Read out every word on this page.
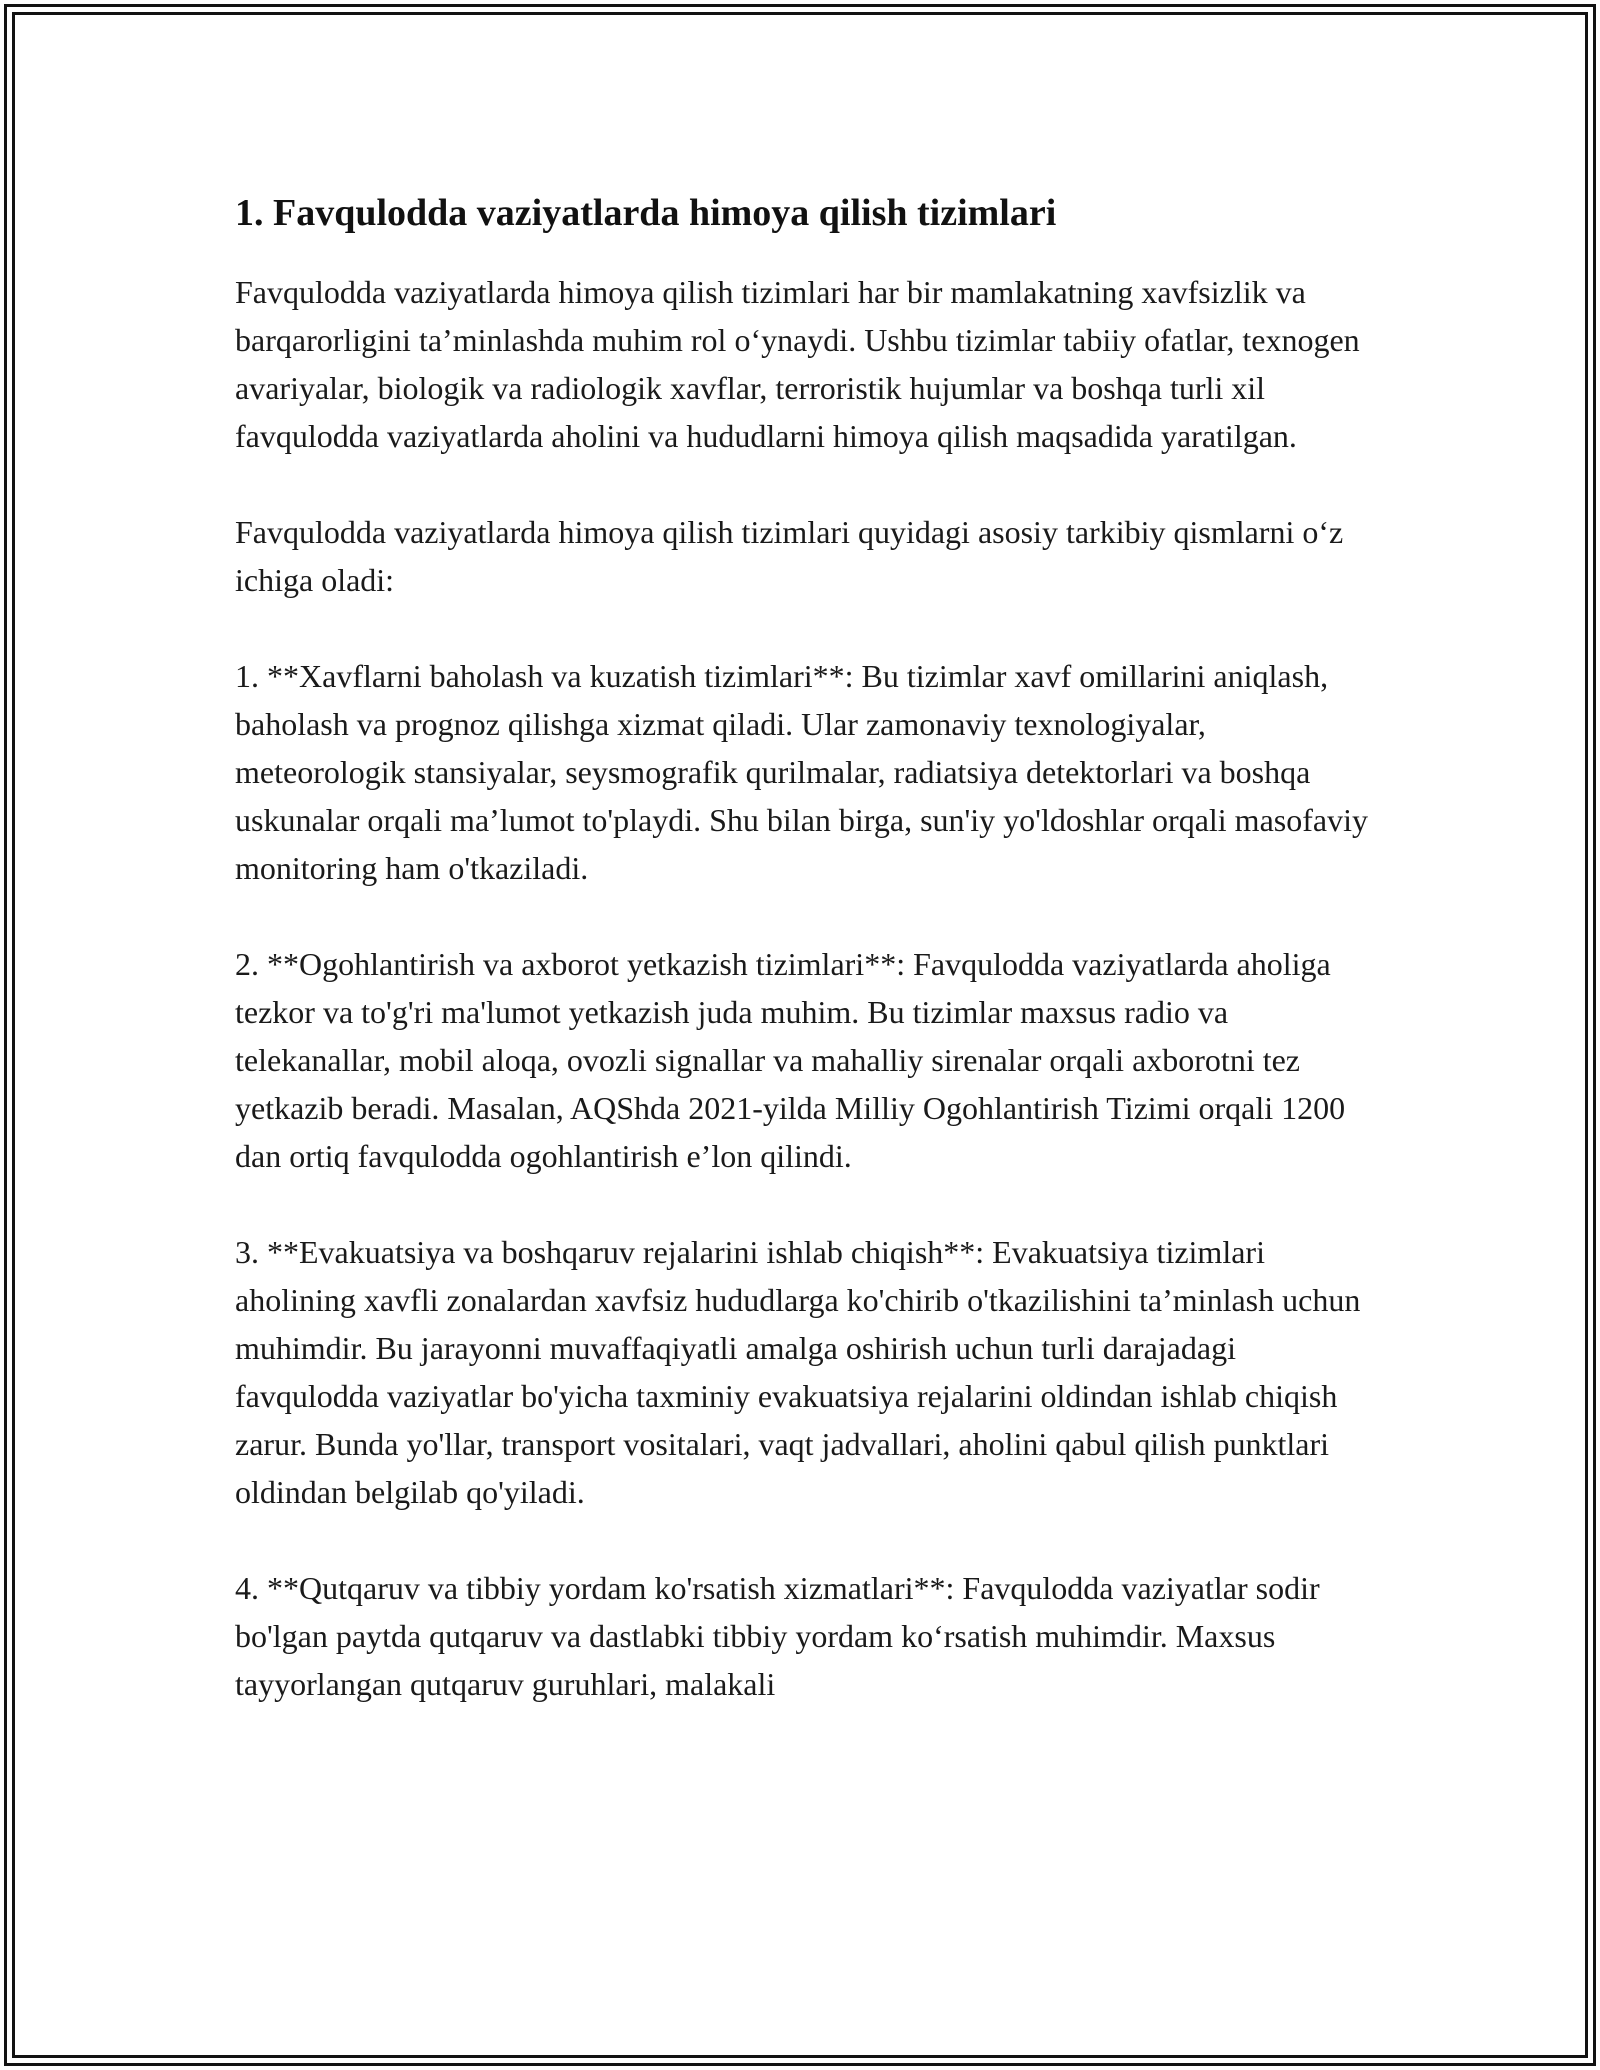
1. Favqulodda vaziyatlarda himoya qilish tizimlari

Favqulodda vaziyatlarda himoya qilish tizimlari har bir mamlakatning xavfsizlik va barqarorligini ta’minlashda muhim rol o‘ynaydi. Ushbu tizimlar tabiiy ofatlar, texnogen avariyalar, biologik va radiologik xavflar, terroristik hujumlar va boshqa turli xil favqulodda vaziyatlarda aholini va hududlarni himoya qilish maqsadida yaratilgan.

Favqulodda vaziyatlarda himoya qilish tizimlari quyidagi asosiy tarkibiy qismlarni o‘z ichiga oladi:

1. **Xavflarni baholash va kuzatish tizimlari**: Bu tizimlar xavf omillarini aniqlash, baholash va prognoz qilishga xizmat qiladi. Ular zamonaviy texnologiyalar, meteorologik stansiyalar, seysmografik qurilmalar, radiatsiya detektorlari va boshqa uskunalar orqali ma’lumot to'playdi. Shu bilan birga, sun'iy yo'ldoshlar orqali masofaviy monitoring ham o'tkaziladi.

2. **Ogohlantirish va axborot yetkazish tizimlari**: Favqulodda vaziyatlarda aholiga tezkor va to'g'ri ma'lumot yetkazish juda muhim. Bu tizimlar maxsus radio va telekanallar, mobil aloqa, ovozli signallar va mahalliy sirenalar orqali axborotni tez yetkazib beradi. Masalan, AQShda 2021-yilda Milliy Ogohlantirish Tizimi orqali 1200 dan ortiq favqulodda ogohlantirish e’lon qilindi.

3. **Evakuatsiya va boshqaruv rejalarini ishlab chiqish**: Evakuatsiya tizimlari aholining xavfli zonalardan xavfsiz hududlarga ko'chirib o'tkazilishini ta’minlash uchun muhimdir. Bu jarayonni muvaffaqiyatli amalga oshirish uchun turli darajadagi favqulodda vaziyatlar bo'yicha taxminiy evakuatsiya rejalarini oldindan ishlab chiqish zarur. Bunda yo'llar, transport vositalari, vaqt jadvallari, aholini qabul qilish punktlari oldindan belgilab qo'yiladi.

4. **Qutqaruv va tibbiy yordam ko'rsatish xizmatlari**: Favqulodda vaziyatlar sodir bo'lgan paytda qutqaruv va dastlabki tibbiy yordam ko‘rsatish muhimdir. Maxsus tayyorlangan qutqaruv guruhlari, malakali
